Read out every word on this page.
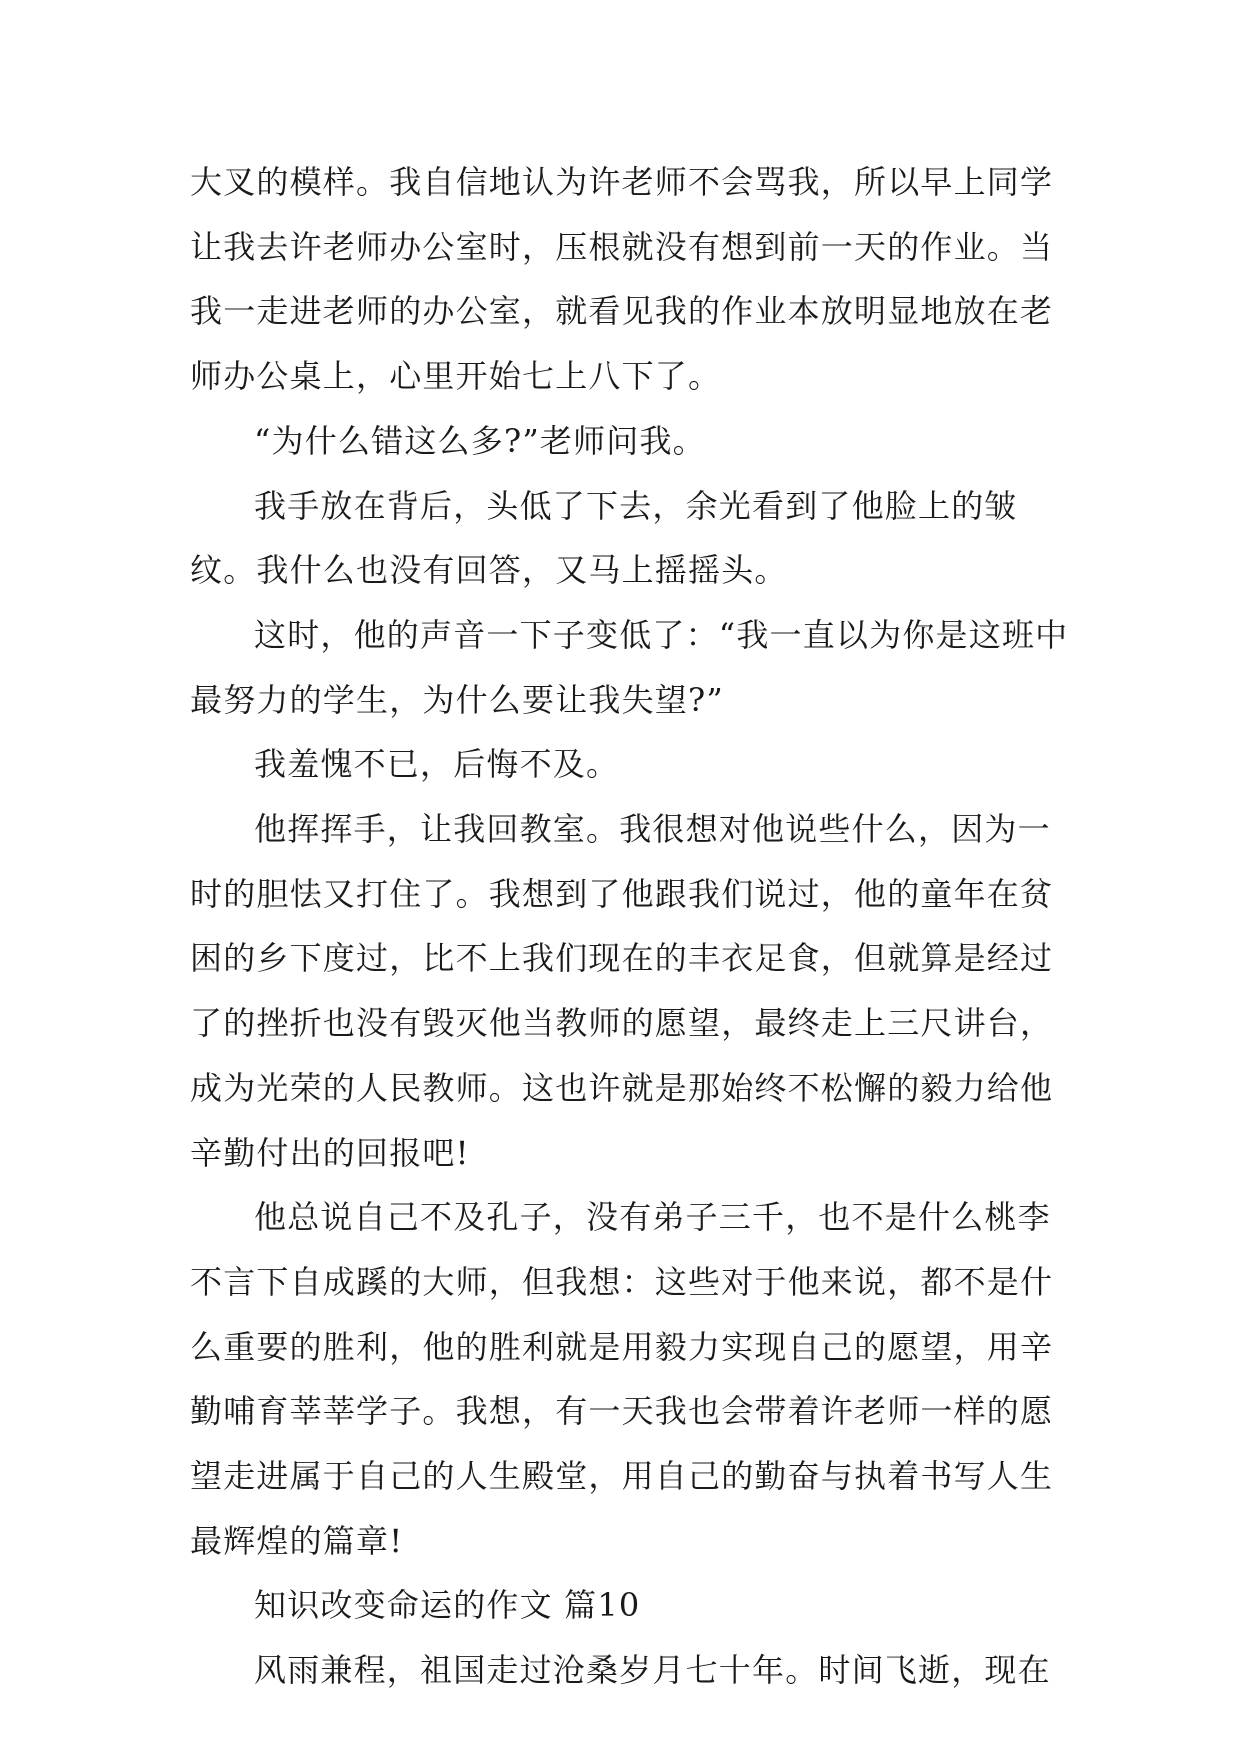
大叉的模样。我自信地认为许老师不会骂我，所以早上同学让我去许老师办公室时，压根就没有想到前一天的作业。当我一走进老师的办公室，就看见我的作业本放明显地放在老师办公桌上，心里开始七上八下了。

“为什么错这么多?”老师问我。

我手放在背后，头低了下去，余光看到了他脸上的皱纹。我什么也没有回答，又马上摇摇头。

这时，他的声音一下子变低了：“我一直以为你是这班中最努力的学生，为什么要让我失望?”

我羞愧不已，后悔不及。

他挥挥手，让我回教室。我很想对他说些什么，因为一时的胆怯又打住了。我想到了他跟我们说过，他的童年在贫困的乡下度过，比不上我们现在的丰衣足食，但就算是经过了的挫折也没有毁灭他当教师的愿望，最终走上三尺讲台，成为光荣的人民教师。这也许就是那始终不松懈的毅力给他辛勤付出的回报吧!

他总说自己不及孔子，没有弟子三千，也不是什么桃李不言下自成蹊的大师，但我想：这些对于他来说，都不是什么重要的胜利，他的胜利就是用毅力实现自己的愿望，用辛勤哺育莘莘学子。我想，有一天我也会带着许老师一样的愿望走进属于自己的人生殿堂，用自己的勤奋与执着书写人生最辉煌的篇章!

知识改变命运的作文 篇10

风雨兼程，祖国走过沧桑岁月七十年。时间飞逝，现在
